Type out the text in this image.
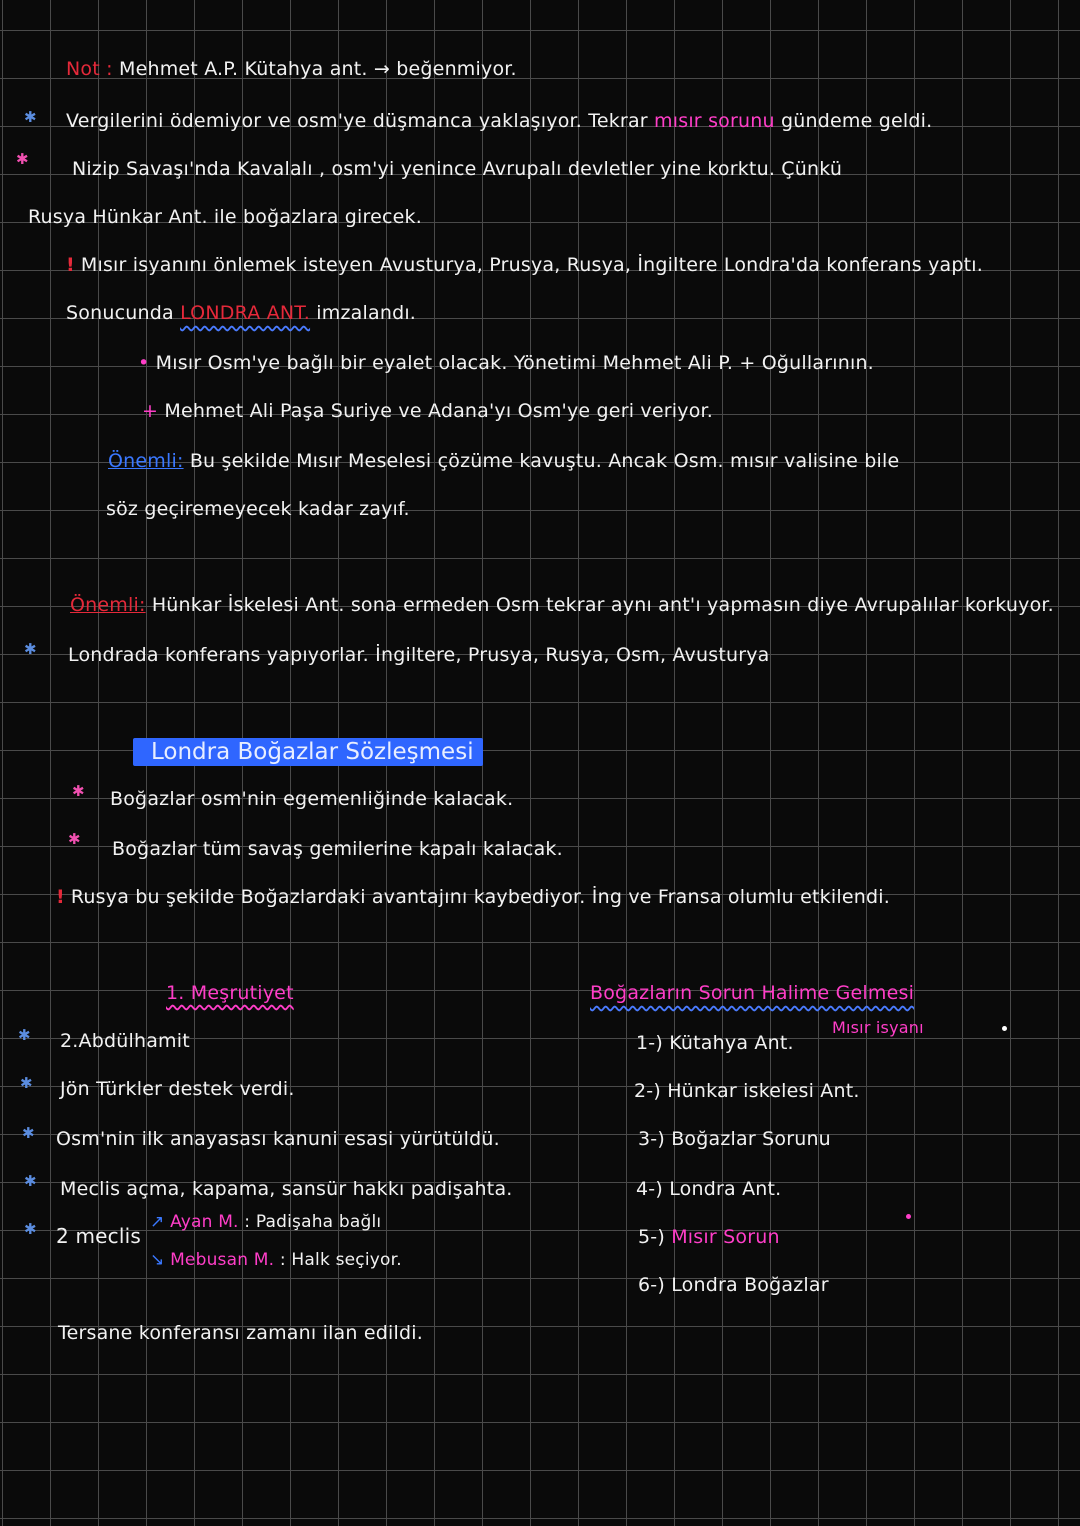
✱
✱
✱
✱
✱
✱
✱
✱
Not : Mehmet A.P. Kütahya ant. → beğenmiyor.
Vergilerini ödemiyor ve osm'ye düşmanca yaklaşıyor. Tekrar mısır sorunu gündeme geldi.
Nizip Savaşı'nda Kavalalı , osm'yi yenince Avrupalı devletler yine korktu. Çünkü
Rusya Hünkar Ant. ile boğazlara girecek.
! Mısır isyanını önlemek isteyen Avusturya, Prusya, Rusya, İngiltere Londra'da konferans yaptı.
Sonucunda LONDRA ANT. imzalandı.
• Mısır Osm'ye bağlı bir eyalet olacak. Yönetimi Mehmet Ali P. + Oğullarının.
+ Mehmet Ali Paşa Suriye ve Adana'yı Osm'ye geri veriyor.
Önemli: Bu şekilde Mısır Meselesi çözüme kavuştu. Ancak Osm. mısır valisine bile
söz geçiremeyecek kadar zayıf.
Önemli: Hünkar İskelesi Ant. sona ermeden Osm tekrar aynı ant'ı yapmasın diye Avrupalılar korkuyor.
Londrada konferans yapıyorlar. İngiltere, Prusya, Rusya, Osm, Avusturya
Londra Boğazlar Sözleşmesi
✱ Boğazlar osm'nin egemenliğinde kalacak.
✱ Boğazlar tüm savaş gemilerine kapalı kalacak.
! Rusya bu şekilde Boğazlardaki avantajını kaybediyor. İng ve Fransa olumlu etkilendi.
1. Meşrutiyet
2.Abdülhamit
Jön Türkler destek verdi.
Osm'nin ilk anayasası kanuni esasi yürütüldü.
Meclis açma, kapama, sansür hakkı padişahta.
2 meclis
↗ Ayan M. : Padişaha bağlı
↘ Mebusan M. : Halk seçiyor.
Tersane konferansı zamanı ilan edildi.
Boğazların Sorun Halime Gelmesi
Mısır isyanı
1-) Kütahya Ant.
2-) Hünkar iskelesi Ant.
3-) Boğazlar Sorunu
4-) Londra Ant.
5-) Mısır Sorun
6-) Londra Boğazlar
